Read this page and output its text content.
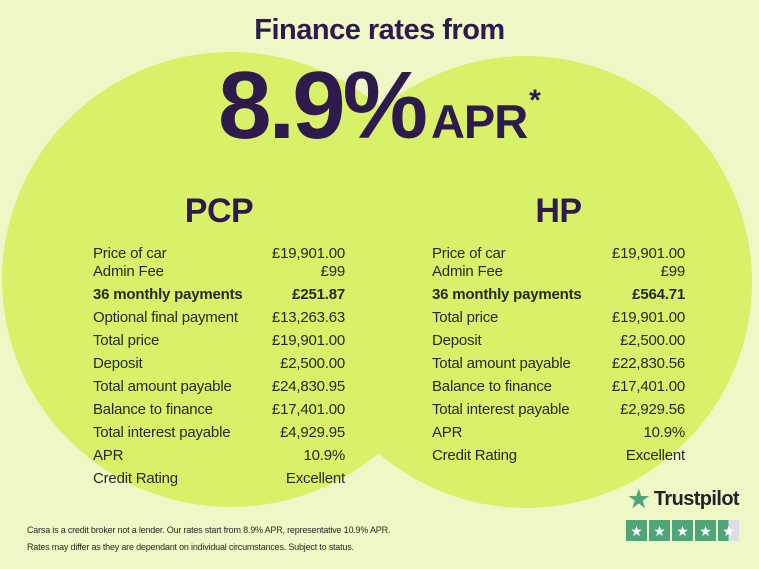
Finance rates from
8.9% APR *
PCP
Price of car	£19,901.00
Admin Fee	£99
36 monthly payments	£251.87
Optional final payment £13,263.63
Total price	£19,901.00
Deposit	£2,500.00
Total amount payable	£24,830.95
Balance to finance	£17,401.00
Total interest payable	£4,929.95
APR	10.9%
Credit Rating	Excellent
HP
Price of car	£19,901.00
Admin Fee	£99
36 monthly payments	£564.71
Total price	£19,901.00
Deposit	£2,500.00
Total amount payable	£22,830.56
Balance to finance	£17,401.00
Total interest payable	£2,929.56
APR	10.9%
Credit Rating	Excellent
Carsa is a credit broker not a lender. Our rates start from 8.9% APR, representative 10.9% APR.
Rates may differ as they are dependant on individual circumstances. Subject to status.
★ Trustpilot
★ ★ ★ ★ ★
